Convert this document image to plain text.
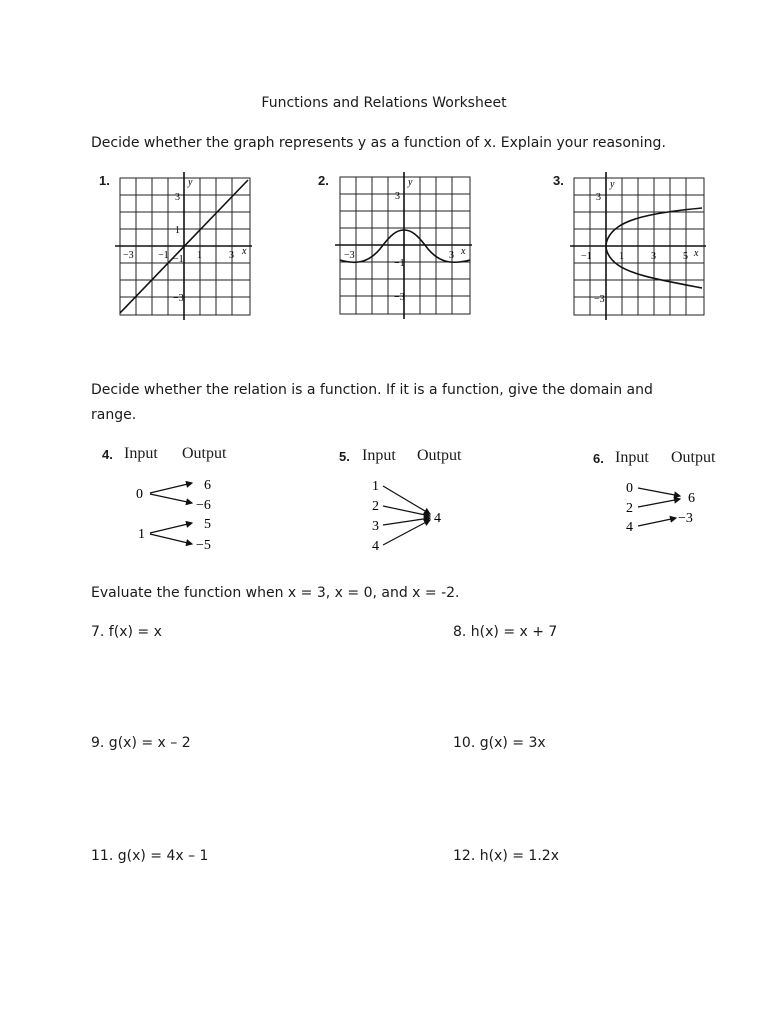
Functions and Relations Worksheet
Decide whether the graph represents y as a function of x. Explain your reasoning.
1.
3
1
−1
−3
−3 −1	1	3 x
y	2.
3
−1
−3
−3	3 x
y	3.
3
−3
−1	1	3	5 x
y
Decide whether the relation is a function. If it is a function, give the domain and range.
4. Input Output
0
1
6
−6
5
−5
5. Input Output
1
2
3
4
4
6. Input Output
0
2
4
6
−3
Evaluate the function when x = 3, x = 0, and x = -2.
7. f(x) = x	8. h(x) = x + 7
9. g(x) = x – 2	10. g(x) = 3x
11. g(x) = 4x – 1	12. h(x) = 1.2x
